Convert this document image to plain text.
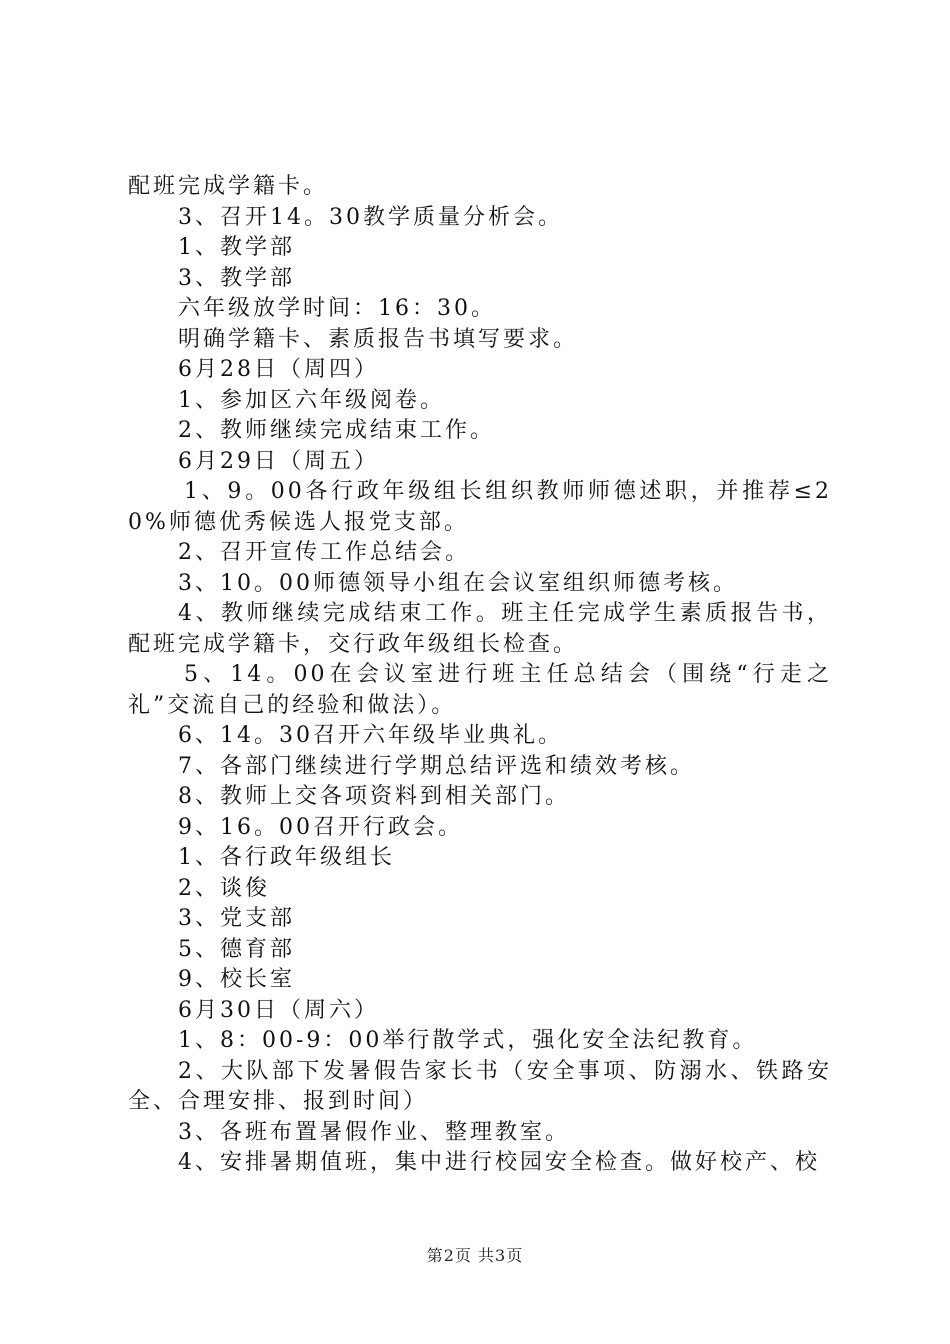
配班完成学籍卡。

3、召开14。30教学质量分析会。

1、教学部

3、教学部

六年级放学时间：16：30。

明确学籍卡、素质报告书填写要求。

6月28日（周四）

1、参加区六年级阅卷。

2、教师继续完成结束工作。

6月29日（周五）

1、9。00各行政年级组长组织教师师德述职，并推荐≤20%师德优秀候选人报党支部。

2、召开宣传工作总结会。

3、10。00师德领导小组在会议室组织师德考核。

4、教师继续完成结束工作。班主任完成学生素质报告书，配班完成学籍卡，交行政年级组长检查。

5、14。00在会议室进行班主任总结会（围绕“行走之礼”交流自己的经验和做法）。

6、14。30召开六年级毕业典礼。

7、各部门继续进行学期总结评选和绩效考核。

8、教师上交各项资料到相关部门。

9、16。00召开行政会。

1、各行政年级组长

2、谈俊

3、党支部

5、德育部

9、校长室

6月30日（周六）

1、8：00-9：00举行散学式，强化安全法纪教育。

2、大队部下发暑假告家长书（安全事项、防溺水、铁路安全、合理安排、报到时间）

3、各班布置暑假作业、整理教室。

4、安排暑期值班，集中进行校园安全检查。做好校产、校

第2页 共3页
